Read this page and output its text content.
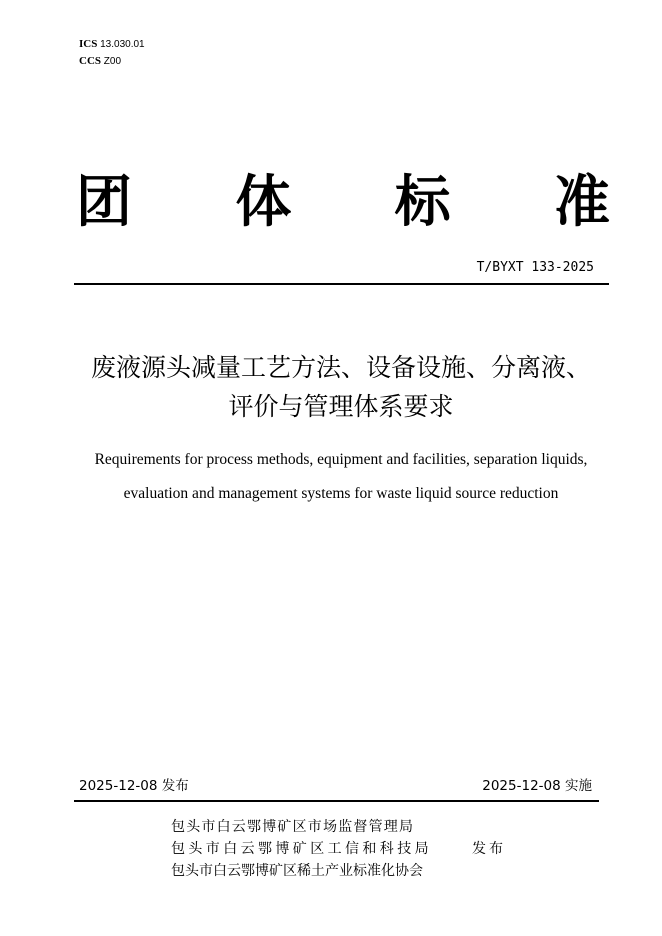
ICS 13.030.01
CCS Z00
团 体 标 准
T/BYXT 133-2025
废液源头减量工艺方法、设备设施、分离液、
评价与管理体系要求
Requirements for process methods, equipment and facilities, separation liquids,
evaluation and management systems for waste liquid source reduction
2025-12-08 发布	2025-12-08 实施
包头市白云鄂博矿区市场监督管理局
包头市白云鄂博矿区工信和科技局
包头市白云鄂博矿区稀土产业标准化协会
发布
